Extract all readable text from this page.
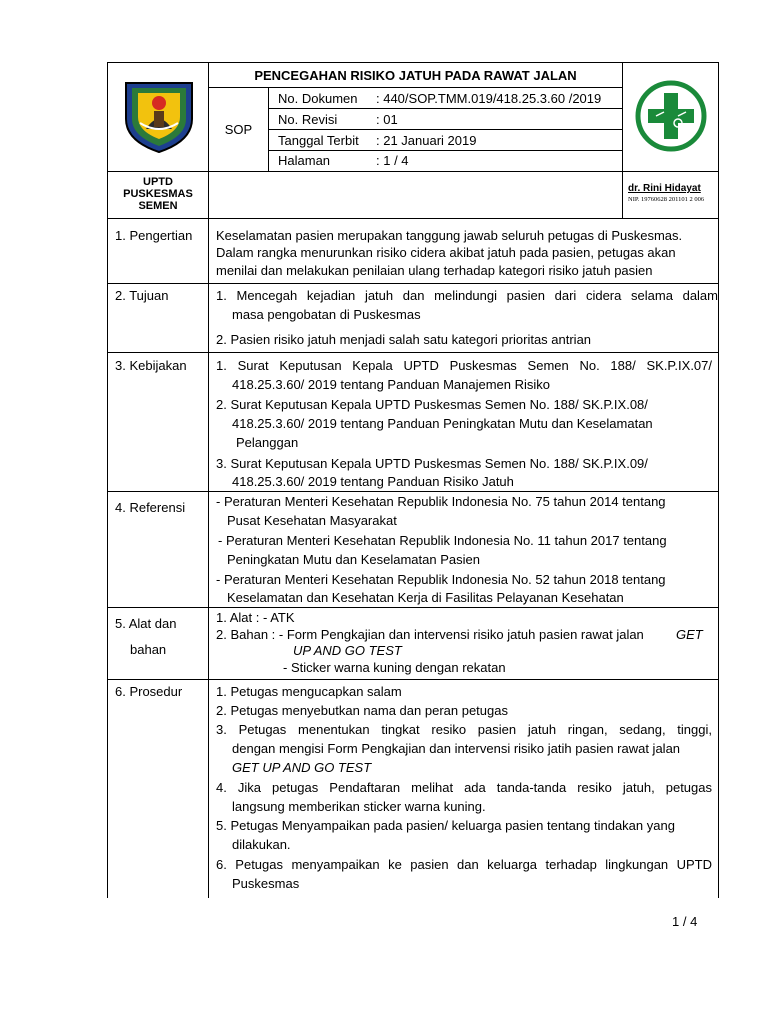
PENCEGAHAN RISIKO JATUH PADA RAWAT JALAN
SOP
No. Dokumen : 440/SOP.TMM.019/418.25.3.60 /2019
No. Revisi	: 01
Tanggal Terbit : 21 Januari 2019
Halaman	: 1 / 4
UPTD
PUSKESMAS
SEMEN
dr. Rini Hidayat
NIP. 19760628 201101 2 006
1. Pengertian Keselamatan pasien merupakan tanggung jawab seluruh petugas di Puskesmas.
Dalam rangka menurunkan risiko cidera akibat jatuh pada pasien, petugas akan
menilai dan melakukan penilaian ulang terhadap kategori risiko jatuh pasien
2. Tujuan	1. Mencegah kejadian jatuh dan melindungi pasien dari cidera selama dalam
masa pengobatan di Puskesmas
2. Pasien risiko jatuh menjadi salah satu kategori prioritas antrian
3. Kebijakan 1. Surat Keputusan Kepala UPTD Puskesmas Semen No. 188/ SK.P.IX.07/
418.25.3.60/ 2019 tentang Panduan Manajemen Risiko
2. Surat Keputusan Kepala UPTD Puskesmas Semen No. 188/ SK.P.IX.08/
418.25.3.60/ 2019 tentang Panduan Peningkatan Mutu dan Keselamatan
Pelanggan
3. Surat Keputusan Kepala UPTD Puskesmas Semen No. 188/ SK.P.IX.09/
418.25.3.60/ 2019 tentang Panduan Risiko Jatuh
4. Referensi - Peraturan Menteri Kesehatan Republik Indonesia No. 75 tahun 2014 tentang
Pusat Kesehatan Masyarakat
- Peraturan Menteri Kesehatan Republik Indonesia No. 11 tahun 2017 tentang
Peningkatan Mutu dan Keselamatan Pasien
- Peraturan Menteri Kesehatan Republik Indonesia No. 52 tahun 2018 tentang
Keselamatan dan Kesehatan Kerja di Fasilitas Pelayanan Kesehatan
5. Alat dan
bahan
1. Alat : - ATK
2. Bahan : - Form Pengkajian dan intervensi risiko jatuh pasien rawat jalan GET
UP AND GO TEST
- Sticker warna kuning dengan rekatan
6. Prosedur	1. Petugas mengucapkan salam
2. Petugas menyebutkan nama dan peran petugas
3. Petugas menentukan tingkat resiko pasien jatuh ringan, sedang, tinggi,
dengan mengisi Form Pengkajian dan intervensi risiko jatih pasien rawat jalan
GET UP AND GO TEST
4. Jika petugas Pendaftaran melihat ada tanda-tanda resiko jatuh, petugas
langsung memberikan sticker warna kuning.
5. Petugas Menyampaikan pada pasien/ keluarga pasien tentang tindakan yang
dilakukan.
6. Petugas menyampaikan ke pasien dan keluarga terhadap lingkungan UPTD
Puskesmas
1 / 4
